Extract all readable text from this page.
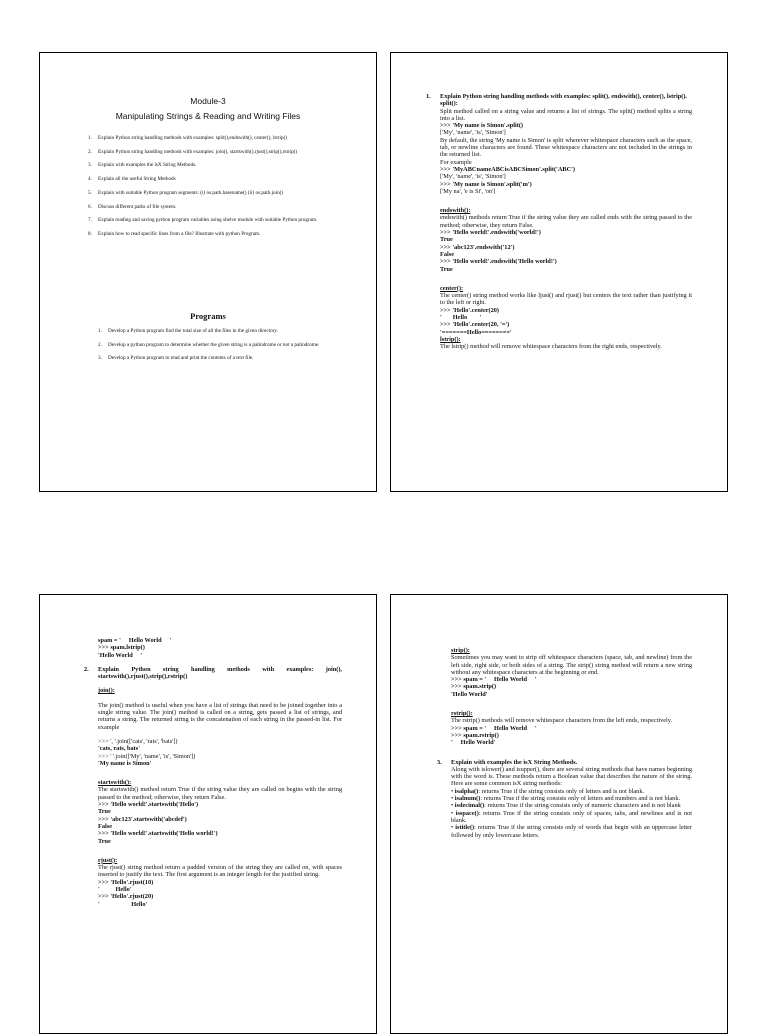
Module-3
Manipulating Strings & Reading and Writing Files
1. Explain Python string handling methods with examples: split(),endswith(), center(), lstrip()
2. Explain Python string handling methods with examples: join(), startswith(),rjust(),strip(),rstrip()
3. Explain with examples the isX String Methods.
4. Explain all the useful String Methods
5. Explain with suitable Python program segments: (i) os.path.basename() (ii) os.path.join()
6. Discuss different paths of file system.
7. Explain reading and saving python program variables using shelve module with suitable Python program.
8. Explain how to read specific lines from a file? Illustrate with python Program.
Programs
1. Develop a Python program find the total size of all the files in the given directory.
2. Develop a python program to determine whether the given string is a palindrome or not a palindrome.
3. Develop a Python program to read and print the contents of a text file.

1. Explain Python string handling methods with examples: split(), endswith(), center(), lstrip().

split():

Split method called on a string value and returns a list of strings. The split() method splits a string into a list.

>>> 'My name is Simon'.split()

['My', 'name', 'is', 'Simon']

By default, the string 'My name is Simon' is split wherever whitespace characters such as the space, tab, or newline characters are found. These whitespace characters are not included in the strings in the returned list.

For example

>>> 'MyABCnameABCisABCSimon'.split('ABC')

['My', 'name', 'is', 'Simon']

>>> 'My name is Simon'.split('m')

['My na', 'e is Si', 'on']

endswith():

endswith() methods return True if the string value they are called ends with the string passed to the method; otherwise, they return False.

>>> 'Hello world!'.endswith('world!')

True

>>> 'abc123'.endswith('12')

False

>>> 'Hello world!'.endswith('Hello world!')

True

center():

The center() string method works like ljust() and rjust() but centers the text rather than justifying it to the left or right.

>>> 'Hello'.center(20)

'       Hello        '

>>> 'Hello'.center(20, '=')

'=======Hello========'

lstrip():

The lstrip() method will remove whitespace characters from the right ends, respectively.

spam = '     Hello World     '

>>> spam.lstrip()

'Hello World     '

2. Explain Python string handling methods with examples: join(), startswith(),rjust(),strip(),rstrip()

join():

The join() method is useful when you have a list of strings that need to be joined together into a single string value. The join() method is called on a string, gets passed a list of strings, and returns a string. The returned string is the concatenation of each string in the passed-in list. For example

>>> ', '.join(['cats', 'rats', 'bats'])

'cats, rats, bats'

>>> ' '.join(['My', 'name', 'is', 'Simon'])

'My name is Simon'

startswith():

The startswith() method return True if the string value they are called on begins with the string passed to the method; otherwise, they return False.

>>> 'Hello world!'.startswith('Hello')

True

>>> 'abc123'.startswith('abcdef')

False

>>> 'Hello world!'.startswith('Hello world!')

True

rjust():

The rjust() string method return a padded version of the string they are called on, with spaces inserted to justify the text. The first argument is an integer length for the justified string.

>>> 'Hello'.rjust(10)

'          Hello'

>>> 'Hello'.rjust(20)

'                    Hello'

strip():

Sometimes you may want to strip off whitespace characters (space, tab, and newline) from the left side, right side, or both sides of a string. The strip() string method will return a new string without any whitespace characters at the beginning or end.

>>> spam = '     Hello World     '

>>> spam.strip()

'Hello World'

rstrip():

The rstrip() methods will remove whitespace characters from the left ends, respectively.

>>> spam = '     Hello World     '

>>> spam.rstrip()

'     Hello World'

3. Explain with examples the isX String Methods.

Along with islower() and isupper(), there are several string methods that have names beginning with the word is. These methods return a Boolean value that describes the nature of the string. Here are some common isX string methods:

• isalpha(): returns True if the string consists only of letters and is not blank.

• isalnum(): returns True if the string consists only of letters and numbers and is not blank.

• isdecimal(): returns True if the string consists only of numeric characters and is not blank

• isspace(): returns True if the string consists only of spaces, tabs, and newlines and is not blank.

• istitle(): returns True if the string consists only of words that begin with an uppercase letter followed by only lowercase letters.
